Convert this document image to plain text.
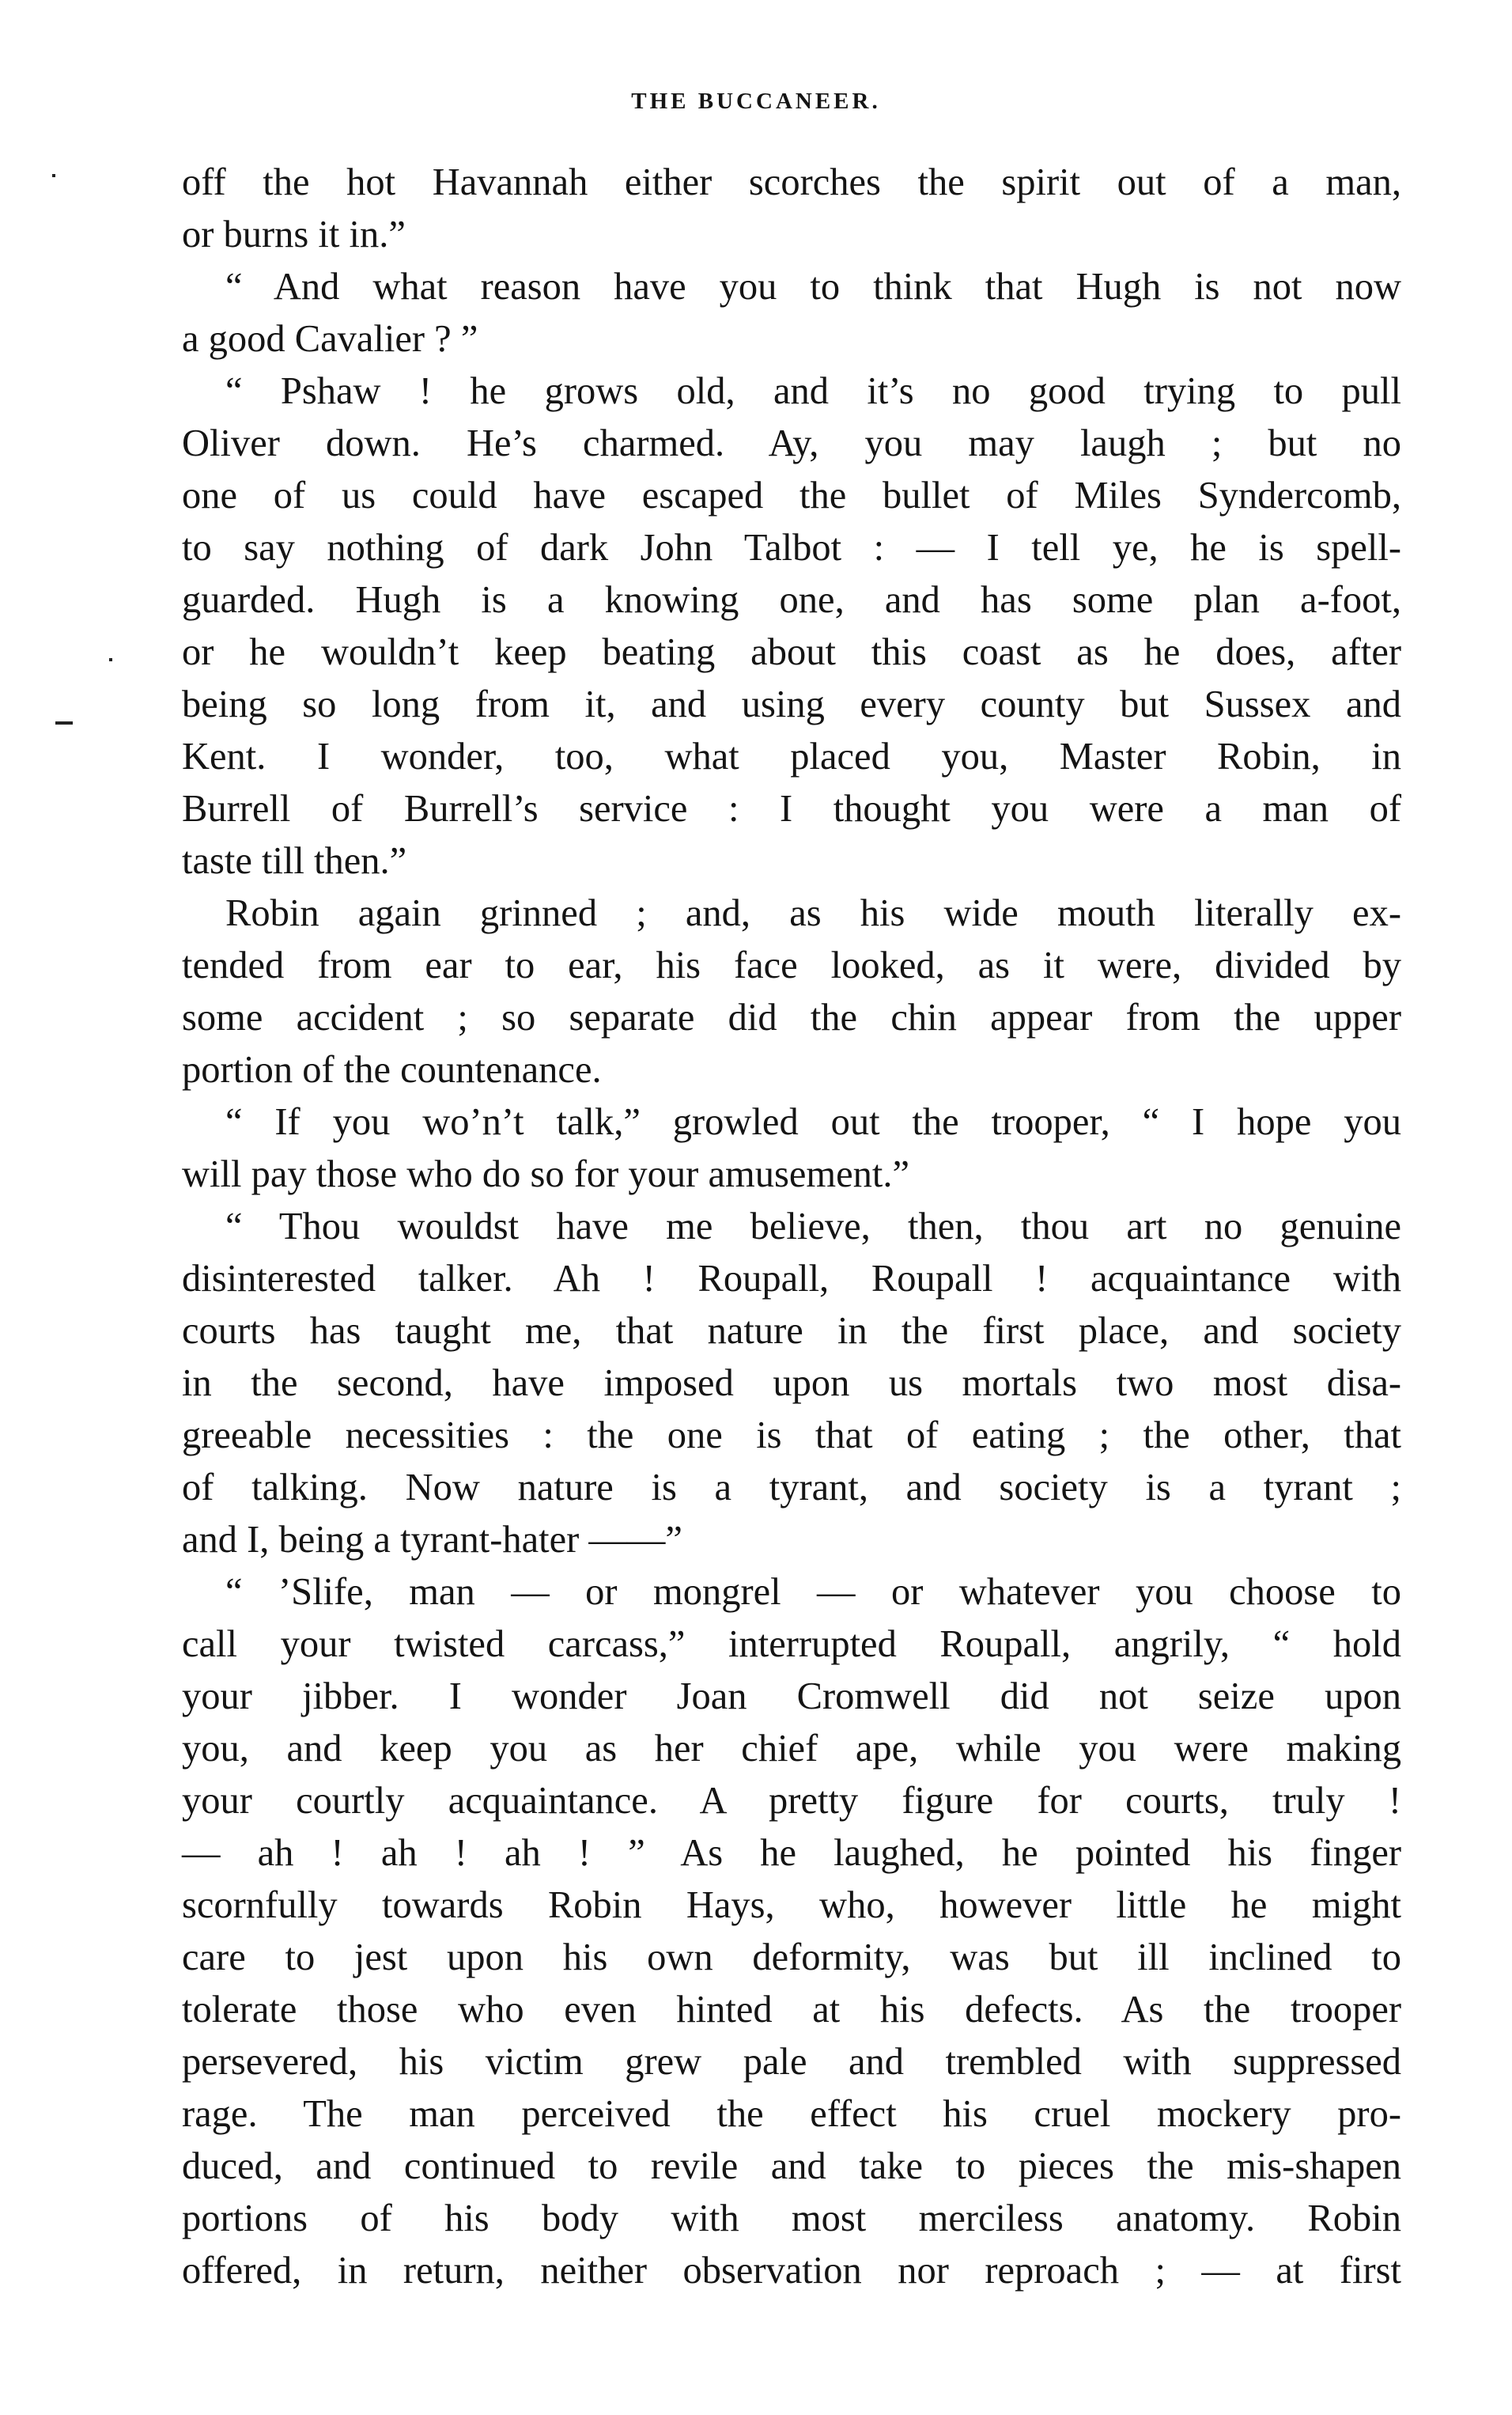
THE BUCCANEER.
off the hot Havannah either scorches the spirit out of a man,
or burns it in.”
“ And what reason have you to think that Hugh is not now
a good Cavalier ? ”
“ Pshaw ! he grows old, and it’s no good trying to pull
Oliver down. He’s charmed. Ay, you may laugh ; but no
one of us could have escaped the bullet of Miles Syndercomb,
to say nothing of dark John Talbot : — I tell ye, he is spell-
guarded. Hugh is a knowing one, and has some plan a-foot,
or he wouldn’t keep beating about this coast as he does, after
being so long from it, and using every county but Sussex and
Kent. I wonder, too, what placed you, Master Robin, in
Burrell of Burrell’s service : I thought you were a man of
taste till then.”
Robin again grinned ; and, as his wide mouth literally ex-
tended from ear to ear, his face looked, as it were, divided by
some accident ; so separate did the chin appear from the upper
portion of the countenance.
“ If you wo’n’t talk,” growled out the trooper, “ I hope you
will pay those who do so for your amusement.”
“ Thou wouldst have me believe, then, thou art no genuine
disinterested talker. Ah ! Roupall, Roupall ! acquaintance with
courts has taught me, that nature in the first place, and society
in the second, have imposed upon us mortals two most disa-
greeable necessities : the one is that of eating ; the other, that
of talking. Now nature is a tyrant, and society is a tyrant ;
and I, being a tyrant-hater ——”
“ ’Slife, man — or mongrel — or whatever you choose to
call your twisted carcass,” interrupted Roupall, angrily, “ hold
your jibber. I wonder Joan Cromwell did not seize upon
you, and keep you as her chief ape, while you were making
your courtly acquaintance. A pretty figure for courts, truly !
— ah ! ah ! ah ! ” As he laughed, he pointed his finger
scornfully towards Robin Hays, who, however little he might
care to jest upon his own deformity, was but ill inclined to
tolerate those who even hinted at his defects. As the trooper
persevered, his victim grew pale and trembled with suppressed
rage. The man perceived the effect his cruel mockery pro-
duced, and continued to revile and take to pieces the mis-shapen
portions of his body with most merciless anatomy. Robin
offered, in return, neither observation nor reproach ; — at first
